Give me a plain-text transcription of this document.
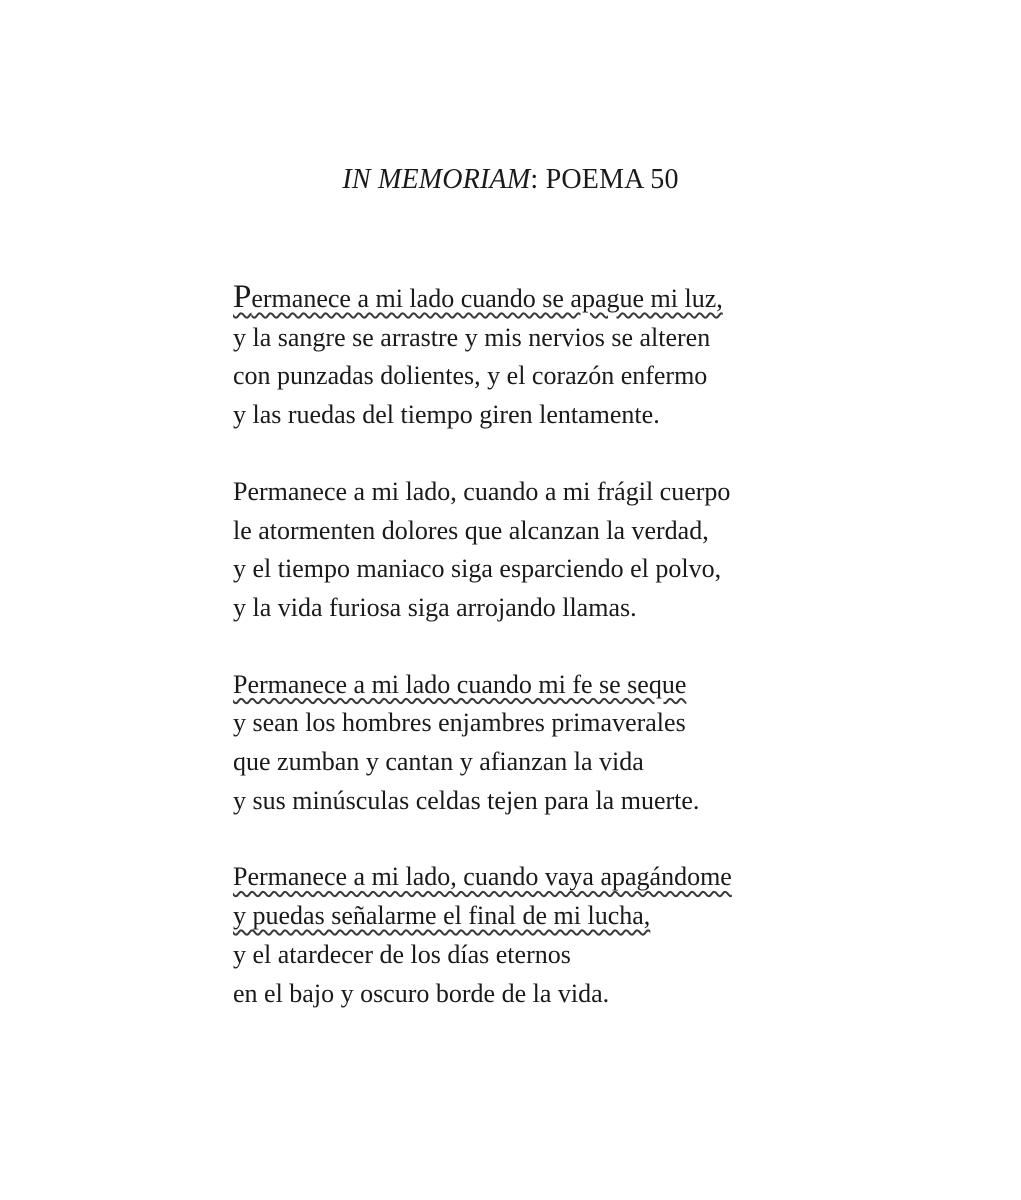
IN MEMORIAM: POEMA 50

Permanece a mi lado cuando se apague mi luz,
y la sangre se arrastre y mis nervios se alteren
con punzadas dolientes, y el corazón enfermo
y las ruedas del tiempo giren lentamente.

Permanece a mi lado, cuando a mi frágil cuerpo
le atormenten dolores que alcanzan la verdad,
y el tiempo maniaco siga esparciendo el polvo,
y la vida furiosa siga arrojando llamas.

Permanece a mi lado cuando mi fe se seque
y sean los hombres enjambres primaverales
que zumban y cantan y afianzan la vida
y sus minúsculas celdas tejen para la muerte.

Permanece a mi lado, cuando vaya apagándome
y puedas señalarme el final de mi lucha,
y el atardecer de los días eternos
en el bajo y oscuro borde de la vida.
